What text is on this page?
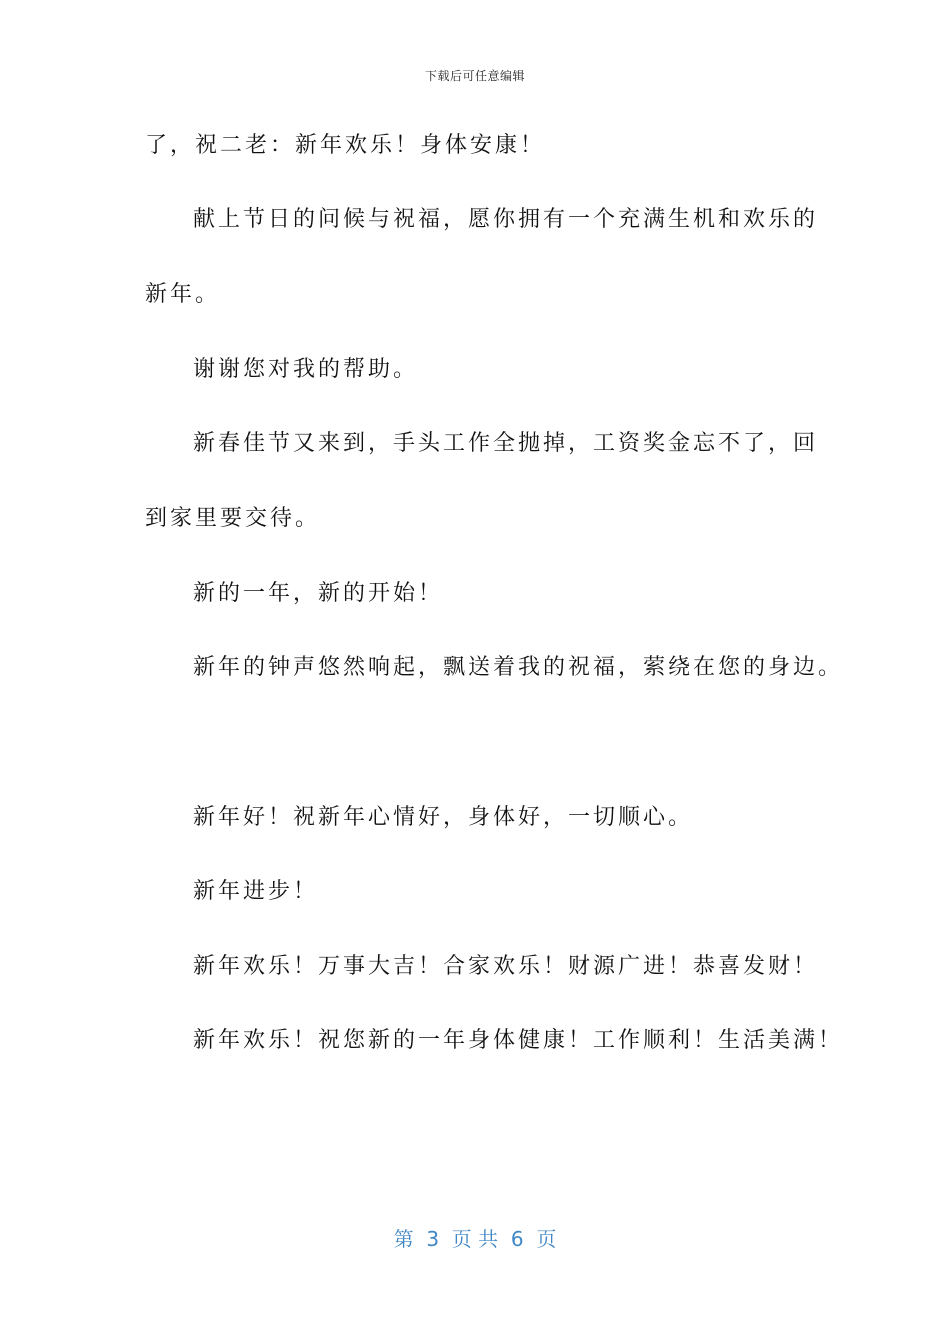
下载后可任意编辑
了，祝二老：新年欢乐！身体安康！
献上节日的问候与祝福，愿你拥有一个充满生机和欢乐的
新年。
谢谢您对我的帮助。
新春佳节又来到，手头工作全抛掉，工资奖金忘不了，回
到家里要交待。
新的一年，新的开始！
新年的钟声悠然响起，飘送着我的祝福，萦绕在您的身边。
新年好！祝新年心情好，身体好，一切顺心。
新年进步！
新年欢乐！万事大吉！合家欢乐！财源广进！恭喜发财！
新年欢乐！祝您新的一年身体健康！工作顺利！生活美满！
第  3  页 共  6  页
